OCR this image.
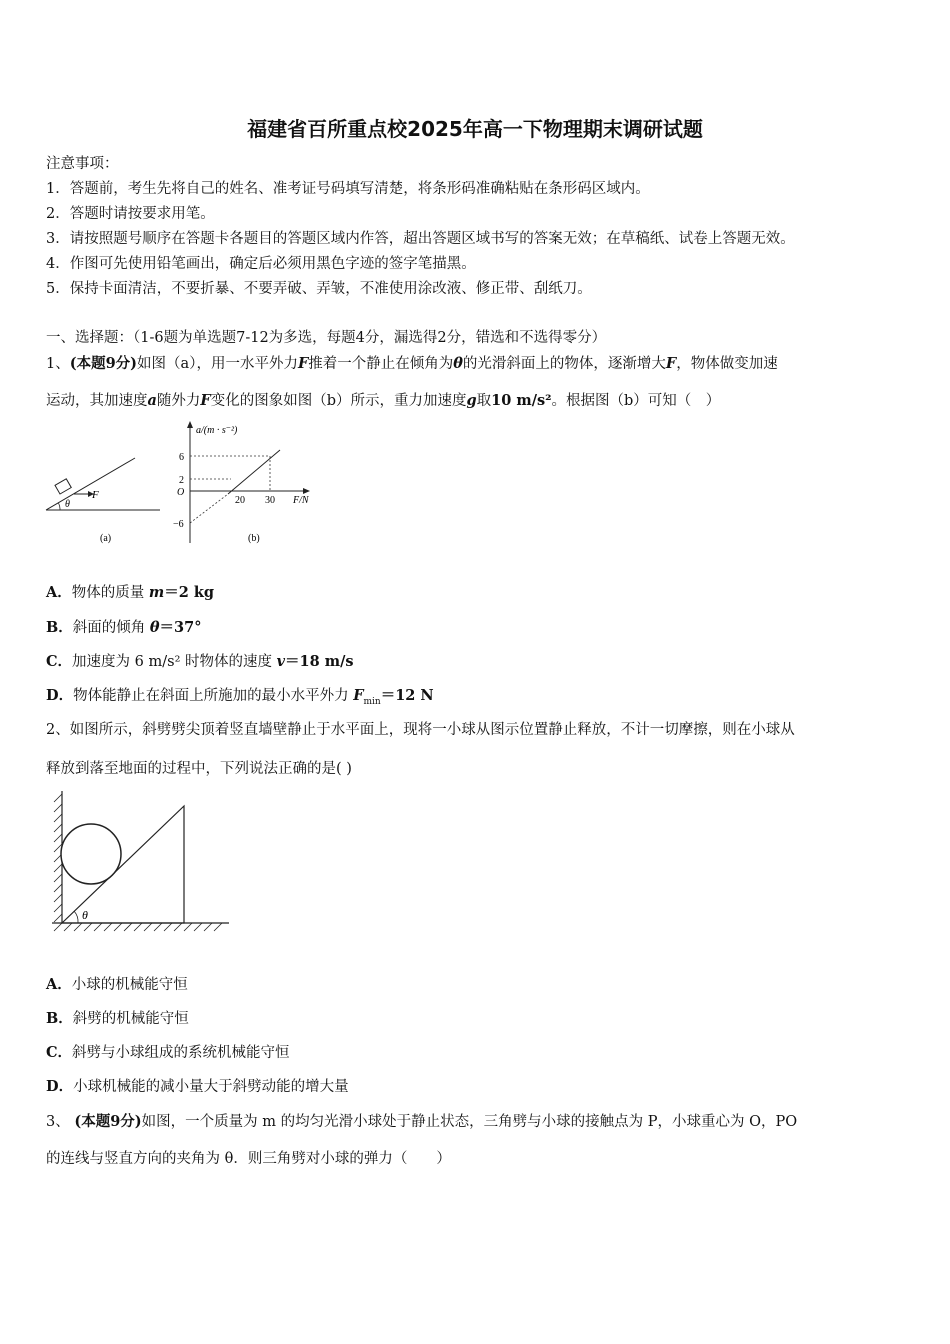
福建省百所重点校2025年高一下物理期末调研试题
注意事项：
1．答题前，考生先将自己的姓名、准考证号码填写清楚，将条形码准确粘贴在条形码区域内。
2．答题时请按要求用笔。
3．请按照题号顺序在答题卡各题目的答题区域内作答，超出答题区域书写的答案无效；在草稿纸、试卷上答题无效。
4．作图可先使用铅笔画出，确定后必须用黑色字迹的签字笔描黑。
5．保持卡面清洁，不要折暴、不要弄破、弄皱，不准使用涂改液、修正带、刮纸刀。
一、选择题：（1-6题为单选题7-12为多选，每题4分，漏选得2分，错选和不选得零分）
1、(本题9分)如图（a），用一水平外力F推着一个静止在倾角为θ的光滑斜面上的物体，逐渐增大F，物体做变加速
运动，其加速度a随外力F变化的图象如图（b）所示，重力加速度g取10 m/s²。根据图（b）可知（　）
F
θ
(a)
a/(m · s⁻²)
F/N
6
2
O
−6
20 30
(b)
A．物体的质量 m＝2 kg
B．斜面的倾角 θ＝37°
C．加速度为 6 m/s² 时物体的速度 v＝18 m/s
D．物体能静止在斜面上所施加的最小水平外力 $F_{min}=12$ N
2、如图所示，斜劈劈尖顶着竖直墙壁静止于水平面上，现将一小球从图示位置静止释放，不计一切摩擦，则在小球从
释放到落至地面的过程中，下列说法正确的是( )
θ
A．小球的机械能守恒
B．斜劈的机械能守恒
C．斜劈与小球组成的系统机械能守恒
D．小球机械能的减小量大于斜劈动能的增大量
3、 (本题9分)如图，一个质量为 m 的均匀光滑小球处于静止状态，三角劈与小球的接触点为 P，小球重心为 O，PO
的连线与竖直方向的夹角为 θ．则三角劈对小球的弹力（　　）
